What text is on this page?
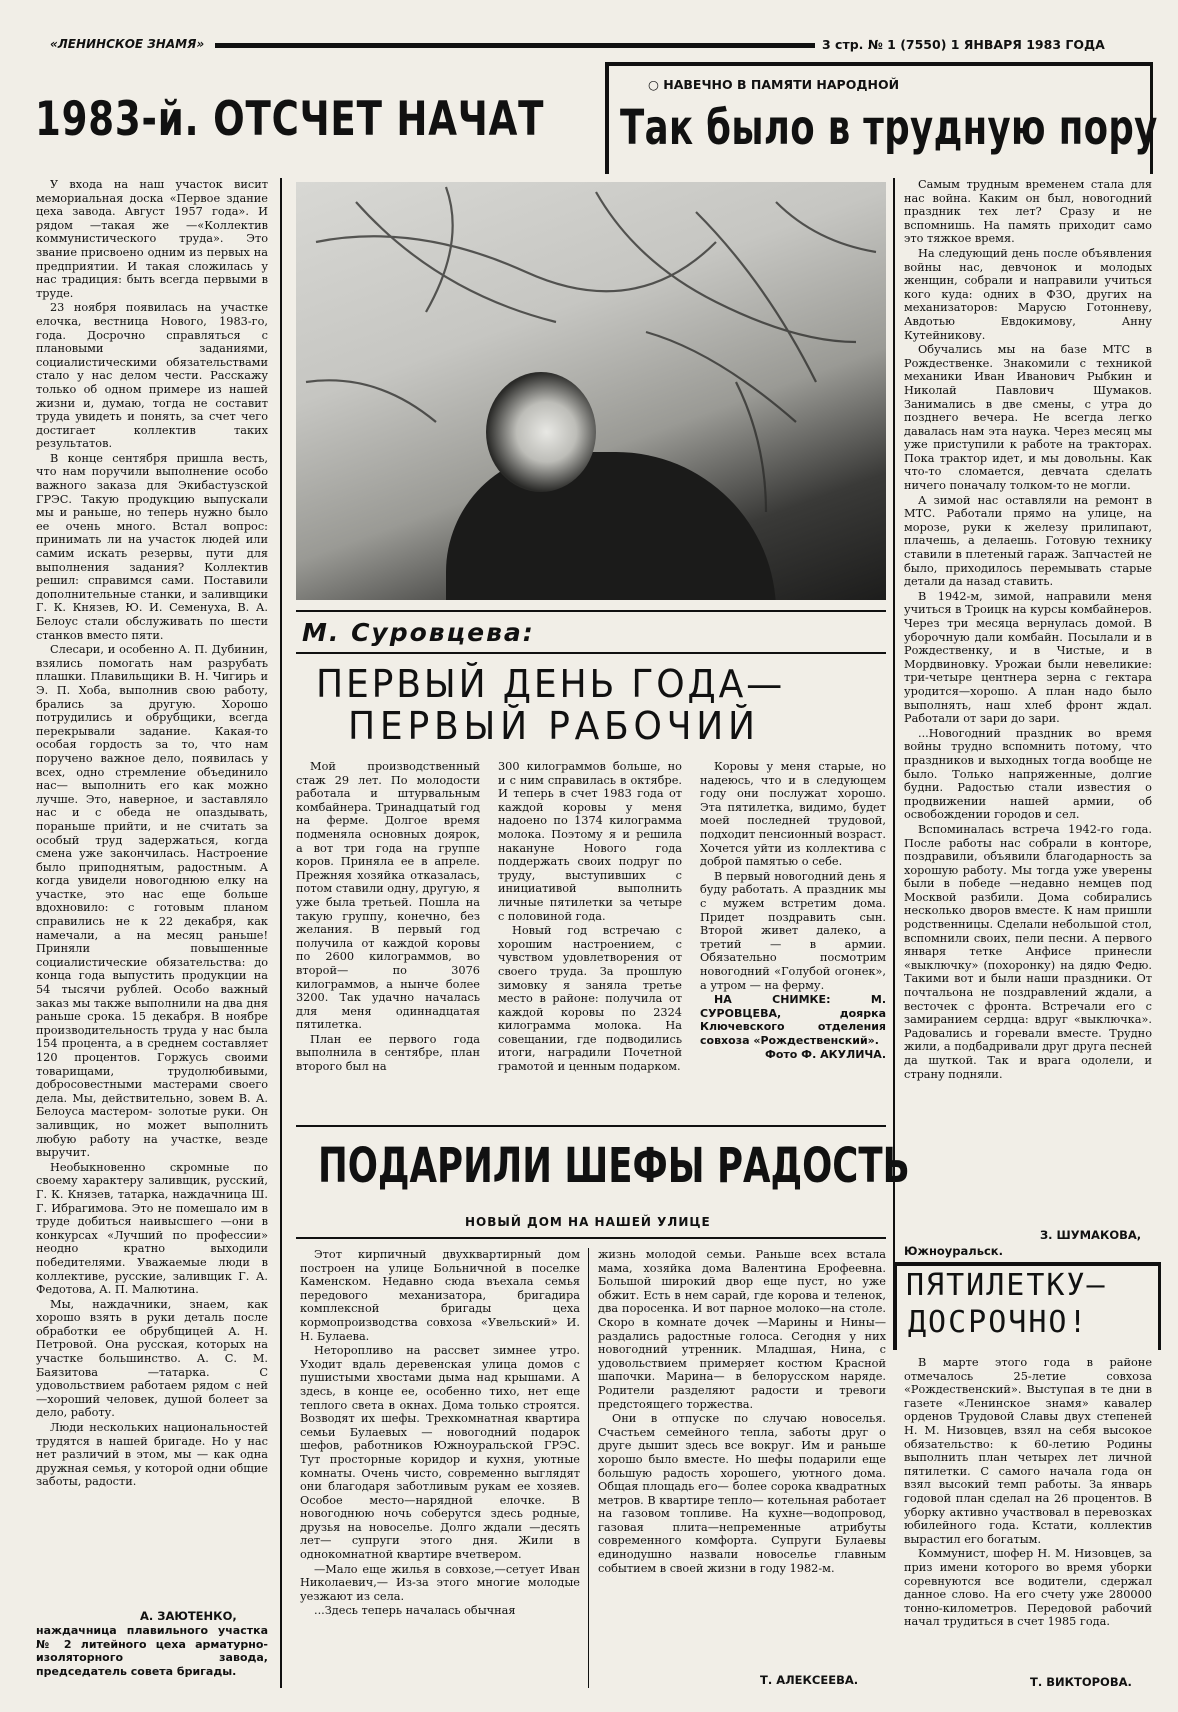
«ЛЕНИНСКОЕ ЗНАМЯ»	3 стр. № 1 (7550) 1 ЯНВАРЯ 1983 ГОДА
1983-й. ОТСЧЕТ НАЧАТ
○ НАВЕЧНО В ПАМЯТИ НАРОДНОЙ
Так было в трудную пору

У входа на наш участок висит мемориальная доска «Первое здание цеха завода. Август 1957 года». И рядом —такая же —«Коллектив коммунистического труда». Это звание присвоено одним из первых на предприятии. И такая сложилась у нас традиция: быть всегда первыми в труде.

23 ноября появилась на участке елочка, вестница Нового, 1983-го, года. Досрочно справляться с плановыми заданиями, социалистическими обязательствами стало у нас делом чести. Расскажу только об одном примере из нашей жизни и, думаю, тогда не составит труда увидеть и понять, за счет чего достигает коллектив таких результатов.

В конце сентября пришла весть, что нам поручили выполнение особо важного заказа для Экибастузской ГРЭС. Такую продукцию выпускали мы и раньше, но теперь нужно было ее очень много. Встал вопрос: принимать ли на участок людей или самим искать резервы, пути для выполнения задания? Коллектив решил: справимся сами. Поставили дополнительные станки, и заливщики Г. К. Князев, Ю. И. Семенуха, В. А. Белоус стали обслуживать по шести станков вместо пяти.

Слесари, и особенно А. П. Дубинин, взялись помогать нам разрубать плашки. Плавильщики В. Н. Чигирь и Э. П. Хоба, выполнив свою работу, брались за другую. Хорошо потрудились и обрубщики, всегда перекрывали задание. Какая-то особая гордость за то, что нам поручено важное дело, появилась у всех, одно стремление объединило нас— выполнить его как можно лучше. Это, наверное, и заставляло нас и с обеда не опаздывать, пораньше прийти, и не считать за особый труд задержаться, когда смена уже закончилась. Настроение было приподнятым, радостным. А когда увидели новогоднюю елку на участке, это нас еще больше вдохновило: с готовым планом справились не к 22 декабря, как намечали, а на месяц раньше! Приняли повышенные социалистические обязательства: до конца года выпустить продукции на 54 тысячи рублей. Особо важный заказ мы также выполнили на два дня раньше срока. 15 декабря. В ноябре производительность труда у нас была 154 процента, а в среднем составляет 120 процентов. Горжусь своими товарищами, трудолюбивыми, добросовестными мастерами своего дела. Мы, действительно, зовем В. А. Белоуса мастером- золотые руки. Он заливщик, но может выполнить любую работу на участке, везде выручит.

Необыкновенно скромные по своему характеру заливщик, русский, Г. К. Князев, татарка, наждачница Ш. Г. Ибрагимова. Это не помешало им в труде добиться наивысшего —они в конкурсах «Лучший по профессии» неодно кратно выходили победителями. Уважаемые люди в коллективе, русские, заливщик Г. А. Федотова, А. П. Малютина.

Мы, наждачники, знаем, как хорошо взять в руки деталь после обработки ее обрубщицей А. Н. Петровой. Она русская, которых на участке большинство. А. С. М. Баязитова —татарка. С удовольствием работаем рядом с ней —хороший человек, душой болеет за дело, работу.

Люди нескольких национальностей трудятся в нашей бригаде. Но у нас нет различий в этом, мы — как одна дружная семья, у которой одни общие заботы, радости.

А. ЗАЮТЕНКО,
наждачница плавильного участка № 2 литейного цеха арматурно-изоляторного завода, председатель совета бригады.
М. Суровцева:
ПЕРВЫЙ ДЕНЬ ГОДА—
ПЕРВЫЙ РАБОЧИЙ

Мой производственный стаж 29 лет. По молодости работала и штурвальным комбайнера. Тринадцатый год на ферме. Долгое время подменяла основных доярок, а вот три года на группе коров. Приняла ее в апреле. Прежняя хозяйка отказалась, потом ставили одну, другую, я уже была третьей. Пошла на такую группу, конечно, без желания. В первый год получила от каждой коровы по 2600 килограммов, во второй— по 3076 килограммов, а нынче более 3200. Так удачно началась для меня одиннадцатая пятилетка.

План ее первого года выполнила в сентябре, план второго был на

300 килограммов больше, но и с ним справилась в октябре. И теперь в счет 1983 года от каждой коровы у меня надоено по 1374 килограмма молока. Поэтому я и решила накануне Нового года поддержать своих подруг по труду, выступивших с инициативой выполнить личные пятилетки за четыре с половиной года.

Новый год встречаю с хорошим настроением, с чувством удовлетворения от своего труда. За прошлую зимовку я заняла третье место в районе: получила от каждой коровы по 2324 килограмма молока. На совещании, где подводились итоги, наградили Почетной грамотой и ценным подарком.

Коровы у меня старые, но надеюсь, что и в следующем году они послужат хорошо. Эта пятилетка, видимо, будет моей последней трудовой, подходит пенсионный возраст. Хочется уйти из коллектива с доброй памятью о себе.

В первый новогодний день я буду работать. А праздник мы с мужем встретим дома. Придет поздравить сын. Второй живет далеко, а третий — в армии. Обязательно посмотрим новогодний «Голубой огонек», а утром — на ферму.

НА СНИМКЕ: М. СУРОВЦЕВА, доярка Ключевского отделения совхоза «Рождественский».

Фото Ф. АКУЛИЧА.

ПОДАРИЛИ ШЕФЫ РАДОСТЬ
НОВЫЙ ДОМ НА НАШЕЙ УЛИЦЕ

Этот кирпичный двухквартирный дом построен на улице Больничной в поселке Каменском. Недавно сюда въехала семья передового механизатора, бригадира комплексной бригады цеха кормопроизводства совхоза «Увельский» И. Н. Булаева.

Неторопливо на рассвет зимнее утро. Уходит вдаль деревенская улица домов с пушистыми хвостами дыма над крышами. А здесь, в конце ее, особенно тихо, нет еще теплого света в окнах. Дома только строятся. Возводят их шефы. Трехкомнатная квартира семьи Булаевых — новогодний подарок шефов, работников Южноуральской ГРЭС. Тут просторные коридор и кухня, уютные комнаты. Очень чисто, современно выглядят они благодаря заботливым рукам ее хозяев. Особое место—нарядной елочке. В новогоднюю ночь соберутся здесь родные, друзья на новоселье. Долго ждали —десять лет— супруги этого дня. Жили в однокомнатной квартире вчетвером.

—Мало еще жилья в совхозе,—сетует Иван Николаевич,— Из-за этого многие молодые уезжают из села.

...Здесь теперь началась обычная

жизнь молодой семьи. Раньше всех встала мама, хозяйка дома Валентина Ерофеевна. Большой широкий двор еще пуст, но уже обжит. Есть в нем сарай, где корова и теленок, два поросенка. И вот парное молоко—на столе. Скоро в комнате дочек —Марины и Нины—раздались радостные голоса. Сегодня у них новогодний утренник. Младшая, Нина, с удовольствием примеряет костюм Красной шапочки. Марина— в белорусском наряде. Родители разделяют радости и тревоги предстоящего торжества.

Они в отпуске по случаю новоселья. Счастьем семейного тепла, заботы друг о друге дышит здесь все вокруг. Им и раньше хорошо было вместе. Но шефы подарили еще большую радость хорошего, уютного дома. Общая площадь его— более сорока квадратных метров. В квартире тепло— котельная работает на газовом топливе. На кухне—водопровод, газовая плита—непременные атрибуты современного комфорта. Супруги Булаевы единодушно назвали новоселье главным событием в своей жизни в году 1982-м.

Т. АЛЕКСЕЕВА.

Самым трудным временем стала для нас война. Каким он был, новогодний праздник тех лет? Сразу и не вспомнишь. На память приходит само это тяжкое время.

На следующий день после объявления войны нас, девчонок и молодых женщин, собрали и направили учиться кого куда: одних в ФЗО, других на механизаторов: Марусю Готонневу, Авдотью Евдокимову, Анну Кутейникову.

Обучались мы на базе МТС в Рождественке. Знакомили с техникой механики Иван Иванович Рыбкин и Николай Павлович Шумаков. Занимались в две смены, с утра до позднего вечера. Не всегда легко давалась нам эта наука. Через месяц мы уже приступили к работе на тракторах. Пока трактор идет, и мы довольны. Как что-то сломается, девчата сделать ничего поначалу толком-то не могли.

А зимой нас оставляли на ремонт в МТС. Работали прямо на улице, на морозе, руки к железу прилипают, плачешь, а делаешь. Готовую технику ставили в плетеный гараж. Запчастей не было, приходилось перемывать старые детали да назад ставить.

В 1942-м, зимой, направили меня учиться в Троицк на курсы комбайнеров. Через три месяца вернулась домой. В уборочную дали комбайн. Посылали и в Рождественку, и в Чистые, и в Мордвиновку. Урожаи были невеликие: три-четыре центнера зерна с гектара уродится—хорошо. А план надо было выполнять, наш хлеб фронт ждал. Работали от зари до зари.

...Новогодний праздник во время войны трудно вспомнить потому, что праздников и выходных тогда вообще не было. Только напряженные, долгие будни. Радостью стали известия о продвижении нашей армии, об освобождении городов и сел.

Вспоминалась встреча 1942-го года. После работы нас собрали в конторе, поздравили, объявили благодарность за хорошую работу. Мы тогда уже уверены были в победе —недавно немцев под Москвой разбили. Дома собирались несколько дворов вместе. К нам пришли родственницы. Сделали небольшой стол, вспомнили своих, пели песни. А первого января тетке Анфисе принесли «выключку» (похоронку) на дядю Федю. Такими вот и были наши праздники. От почтальона не поздравлений ждали, а весточек с фронта. Встречали его с замиранием сердца: вдруг «выключка». Радовались и горевали вместе. Трудно жили, а подбадривали друг друга песней да шуткой. Так и врага одолели, и страну подняли.

З. ШУМАКОВА,
Южноуральск.
ПЯТИЛЕТКУ—
ДОСРОЧНО!

В марте этого года в районе отмечалось 25-летие совхоза «Рождественский». Выступая в те дни в газете «Ленинское знамя» кавалер орденов Трудовой Славы двух степеней Н. М. Низовцев, взял на себя высокое обязательство: к 60-летию Родины выполнить план четырех лет личной пятилетки. С самого начала года он взял высокий темп работы. За январь годовой план сделал на 26 процентов. В уборку активно участвовал в перевозках юбилейного года. Кстати, коллектив вырастил его богатым.

Коммунист, шофер Н. М. Низовцев, за приз имени которого во время уборки соревнуются все водители, сдержал данное слово. На его счету уже 280000 тонно-километров. Передовой рабочий начал трудиться в счет 1985 года.

Т. ВИКТОРОВА.
